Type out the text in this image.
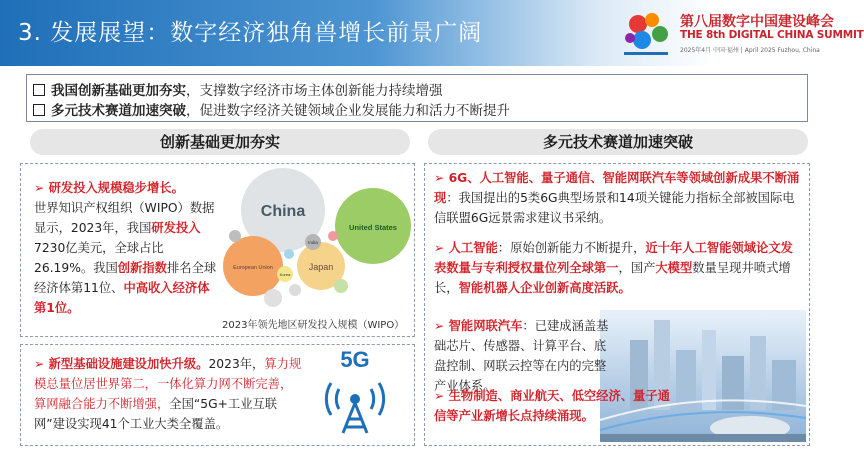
3. 发展展望：数字经济独角兽增长前景广阔	第八届数字中国建设峰会
THE 8th DIGITAL CHINA SUMMIT
2025年4月 中国·福州 | April 2025 Fuzhou, China
我国创新基础更加夯实，支撑数字经济市场主体创新能力持续增强
多元技术赛道加速突破，促进数字经济关键领域企业发展能力和活力不断提升
创新基础更加夯实
➢ 研发投入规模稳步增长。
世界知识产权组织（WIPO）数据显示，2023年，我国研发投入7230亿美元，全球占比26.19%。我国创新指数排名全球经济体第11位、中高收入经济体第1位。
China
United States
European Union	Japan
India
Korea
2023年领先地区研发投入规模（WIPO）
➢ 新型基础设施建设加快升级。2023年，算力规模总量位居世界第二，一体化算力网不断完善，算网融合能力不断增强，全国“5G+工业互联网”建设实现41个工业大类全覆盖。
5G
多元技术赛道加速突破
➢ 6G、人工智能、量子通信、智能网联汽车等领域创新成果不断涌现：我国提出的5类6G典型场景和14项关键能力指标全部被国际电信联盟6G远景需求建议书采纳。
➢ 人工智能：原始创新能力不断提升，近十年人工智能领域论文发表数量与专利授权量位列全球第一，国产大模型数量呈现井喷式增长，智能机器人企业创新高度活跃。
➢ 智能网联汽车：已建成涵盖基础芯片、传感器、计算平台、底盘控制、网联云控等在内的完整产业体系。
➢ 生物制造、商业航天、低空经济、量子通信等产业新增长点持续涌现。
